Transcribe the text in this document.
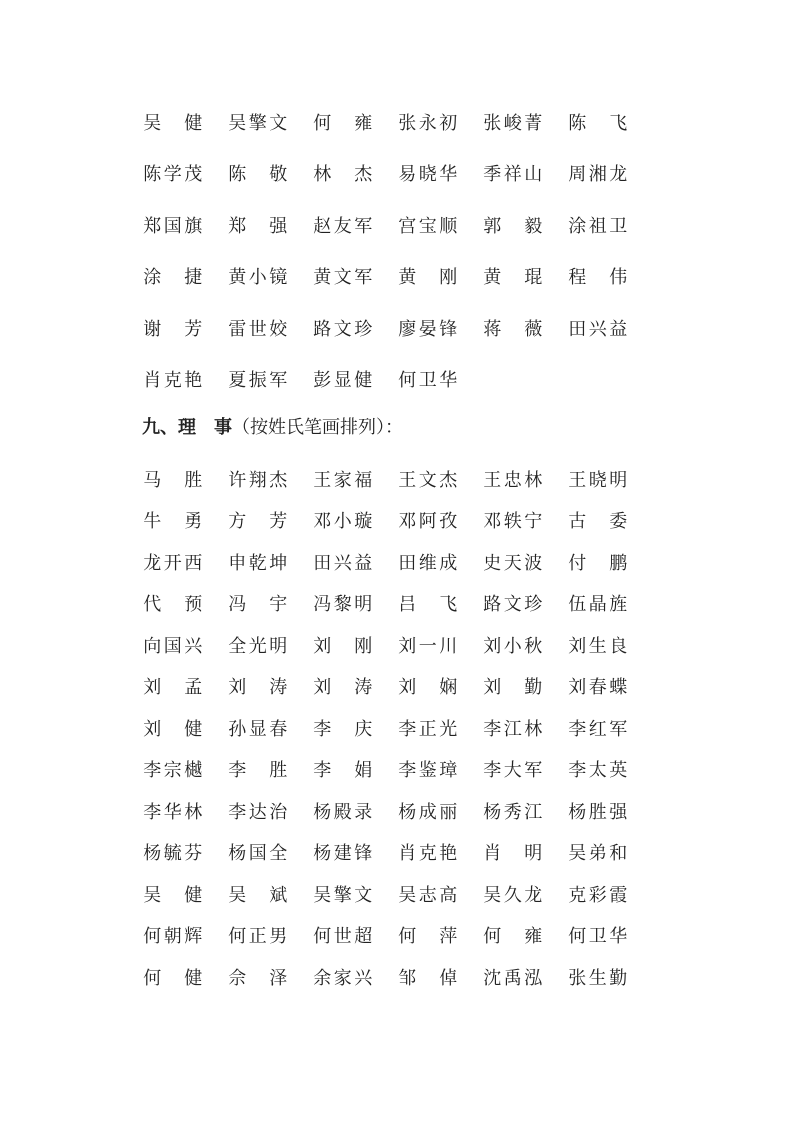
吴 健	吴 擎 文	何 雍	张 永 初	张 峻 菁	陈 飞
陈 学 茂	陈 敬	林 杰	易 晓 华	季 祥 山	周 湘 龙
郑 国 旗	郑 强	赵 友 军	宫 宝 顺	郭 毅	涂 祖 卫
涂 捷	黄 小 镜	黄 文 军	黄 刚	黄 琨	程 伟
谢 芳	雷 世 姣	路 文 珍	廖 晏 锋	蒋 薇	田 兴 益
肖 克 艳	夏 振 军	彭 显 健	何 卫 华
九、理 事（按姓氏笔画排列）：
马 胜	许 翔 杰	王 家 福	王 文 杰	王 忠 林	王 晓 明
牛 勇	方 芳	邓 小 璇	邓 阿 孜	邓 轶 宁	古 委
龙 开 西	申 乾 坤	田 兴 益	田 维 成	史 天 波	付 鹏
代 预	冯 宇	冯 黎 明	吕 飞	路 文 珍	伍 晶 旌
向 国 兴	全 光 明	刘 刚	刘 一 川	刘 小 秋	刘 生 良
刘 孟	刘 涛	刘 涛	刘 娴	刘 勤	刘 春 蝶
刘 健	孙 显 春	李 庆	李 正 光	李 江 林	李 红 军
李 宗 樾	李 胜	李 娟	李 鉴 璋	李 大 军	李 太 英
李 华 林	李 达 治	杨 殿 录	杨 成 丽	杨 秀 江	杨 胜 强
杨 毓 芬	杨 国 全	杨 建 锋	肖 克 艳	肖 明	吴 弟 和
吴 健	吴 斌	吴 擎 文	吴 志 高	吴 久 龙	克 彩 霞
何 朝 辉	何 正 男	何 世 超	何 萍	何 雍	何 卫 华
何 健	佘 泽	余 家 兴	邹 倬	沈 禹 泓	张 生 勤
